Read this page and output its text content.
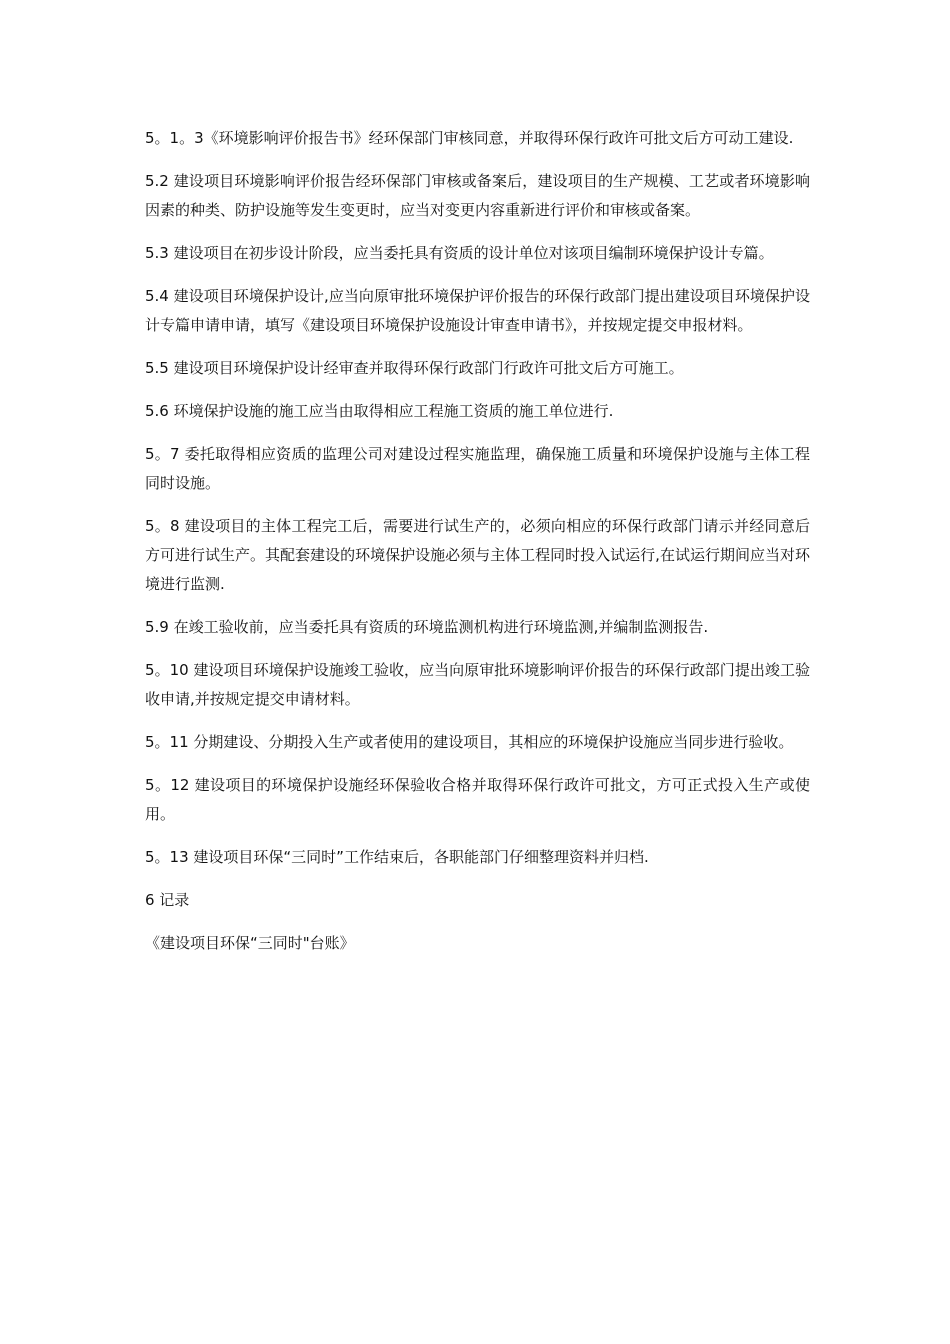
5。1。3《环境影响评价报告书》经环保部门审核同意，并取得环保行政许可批文后方可动工建设.

5.2 建设项目环境影响评价报告经环保部门审核或备案后，建设项目的生产规模、工艺或者环境影响因素的种类、防护设施等发生变更时，应当对变更内容重新进行评价和审核或备案。

5.3 建设项目在初步设计阶段，应当委托具有资质的设计单位对该项目编制环境保护设计专篇。

5.4 建设项目环境保护设计,应当向原审批环境保护评价报告的环保行政部门提出建设项目环境保护设计专篇申请申请，填写《建设项目环境保护设施设计审查申请书》，并按规定提交申报材料。

5.5 建设项目环境保护设计经审查并取得环保行政部门行政许可批文后方可施工。

5.6 环境保护设施的施工应当由取得相应工程施工资质的施工单位进行.

5。7 委托取得相应资质的监理公司对建设过程实施监理，确保施工质量和环境保护设施与主体工程同时设施。

5。8 建设项目的主体工程完工后，需要进行试生产的，必须向相应的环保行政部门请示并经同意后方可进行试生产。其配套建设的环境保护设施必须与主体工程同时投入试运行,在试运行期间应当对环境进行监测.

5.9 在竣工验收前，应当委托具有资质的环境监测机构进行环境监测,并编制监测报告.

5。10 建设项目环境保护设施竣工验收，应当向原审批环境影响评价报告的环保行政部门提出竣工验收申请,并按规定提交申请材料。

5。11 分期建设、分期投入生产或者使用的建设项目，其相应的环境保护设施应当同步进行验收。

5。12 建设项目的环境保护设施经环保验收合格并取得环保行政许可批文，方可正式投入生产或使用。

5。13 建设项目环保“三同时”工作结束后，各职能部门仔细整理资料并归档.

6 记录

《建设项目环保“三同时"台账》
